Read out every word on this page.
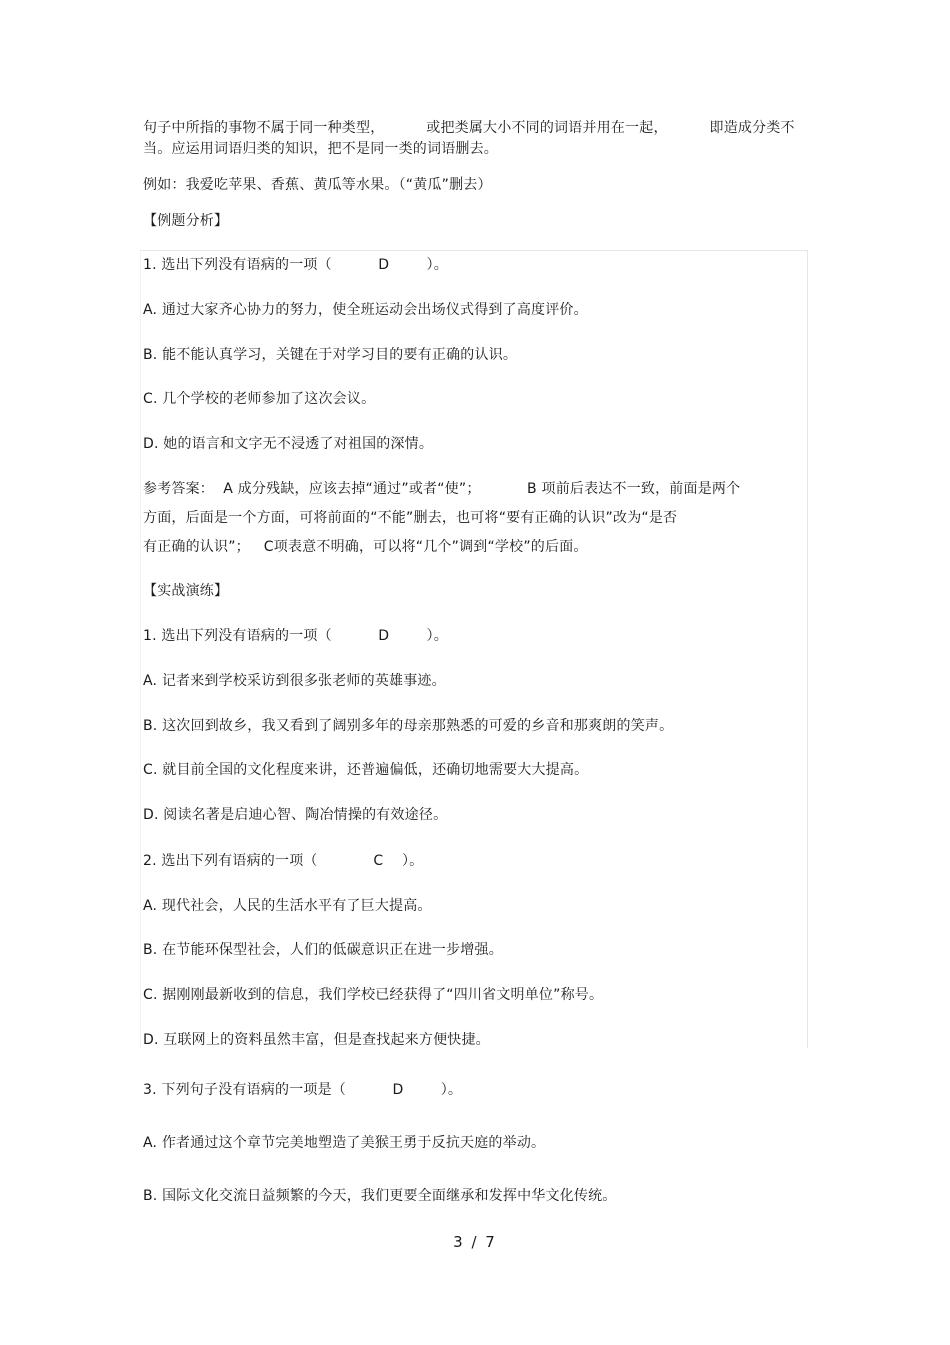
句子中所指的事物不属于同一种类型，         或把类属大小不同的词语并用在一起，         即造成分类不

当。应运用词语归类的知识，把不是同一类的词语删去。

例如：我爱吃苹果、香蕉、黄瓜等水果。（“黄瓜”删去）

【例题分析】

1. 选出下列没有语病的一项（          D        ）。

A. 通过大家齐心协力的努力，使全班运动会出场仪式得到了高度评价。

B. 能不能认真学习，关键在于对学习目的要有正确的认识。

C. 几个学校的老师参加了这次会议。

D. 她的语言和文字无不浸透了对祖国的深情。

参考答案：  A 成分残缺，应该去掉“通过”或者“使”；          B 项前后表达不一致，前面是两个

方面，后面是一个方面，可将前面的“不能”删去，也可将“要有正确的认识”改为“是否

有正确的认识”；   C项表意不明确，可以将“几个”调到“学校”的后面。

【实战演练】

1. 选出下列没有语病的一项（          D        ）。

A. 记者来到学校采访到很多张老师的英雄事迹。

B. 这次回到故乡，我又看到了阔别多年的母亲那熟悉的可爱的乡音和那爽朗的笑声。

C. 就目前全国的文化程度来讲，还普遍偏低，还确切地需要大大提高。

D. 阅读名著是启迪心智、陶冶情操的有效途径。

2. 选出下列有语病的一项（            C    ）。

A. 现代社会，人民的生活水平有了巨大提高。

B. 在节能环保型社会，人们的低碳意识正在进一步增强。

C. 据刚刚最新收到的信息，我们学校已经获得了“四川省文明单位”称号。

D. 互联网上的资料虽然丰富，但是查找起来方便快捷。

3. 下列句子没有语病的一项是（          D        ）。

A. 作者通过这个章节完美地塑造了美猴王勇于反抗天庭的举动。

B. 国际文化交流日益频繁的今天，我们更要全面继承和发挥中华文化传统。

3 / 7
